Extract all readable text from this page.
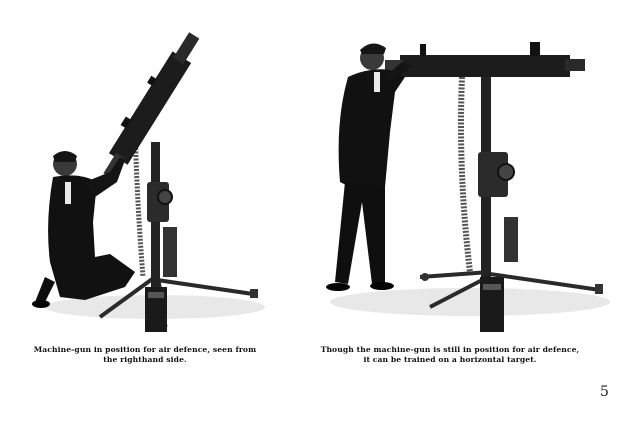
Machine-gun in position for air defence, seen from
the righthand side.
Though the machine-gun is still in position for air defence,
it can be trained on a horizontal target.
5
